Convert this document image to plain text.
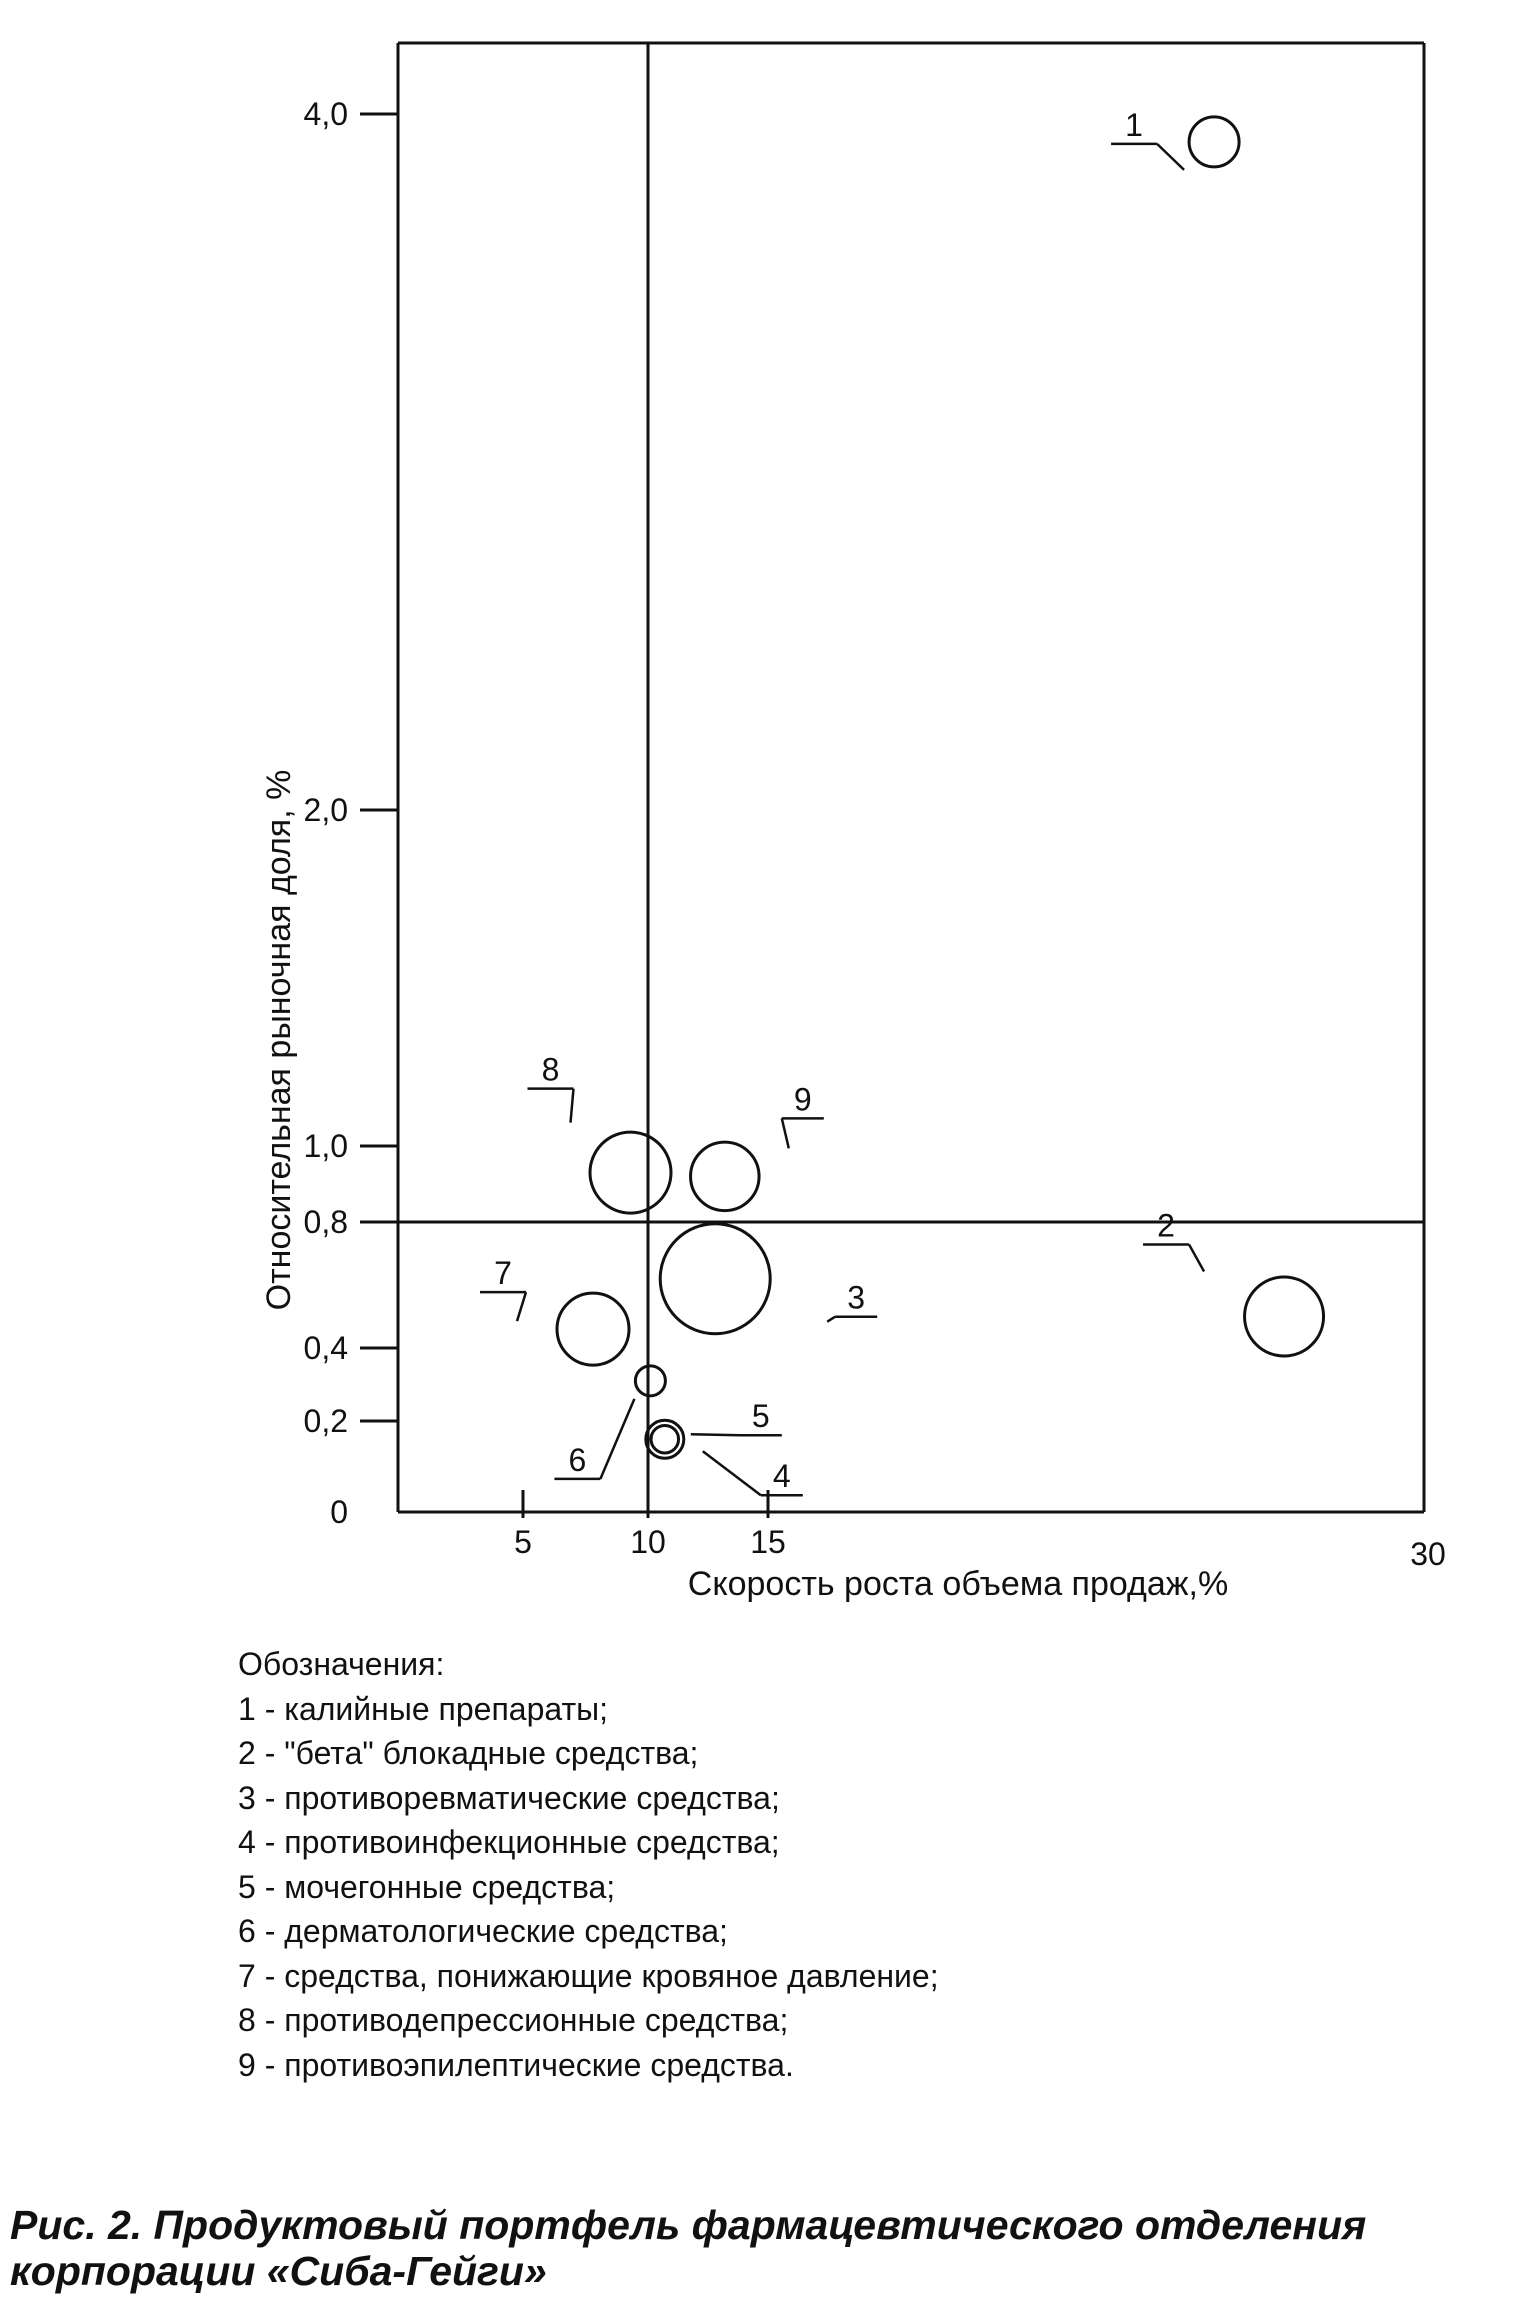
0
0,2
0,4
0,8
1,0
2,0
4,0
5	10	15	30
1
2
3
4
5
6
7
8
9
Скорость роста объема продаж,%
Относительная рыночная доля, %

Обозначения:

1 - калийные препараты;

2 - "бета" блокадные средства;

3 - противоревматические средства;

4 - противоинфекционные средства;

5 - мочегонные средства;

6 - дерматологические средства;

7 - средства, понижающие кровяное давление;

8 - противодепрессионные средства;

9 - противоэпилептические средства.

Рис. 2. Продуктовый портфель фармацевтического отделения

корпорации «Сиба-Гейги»
